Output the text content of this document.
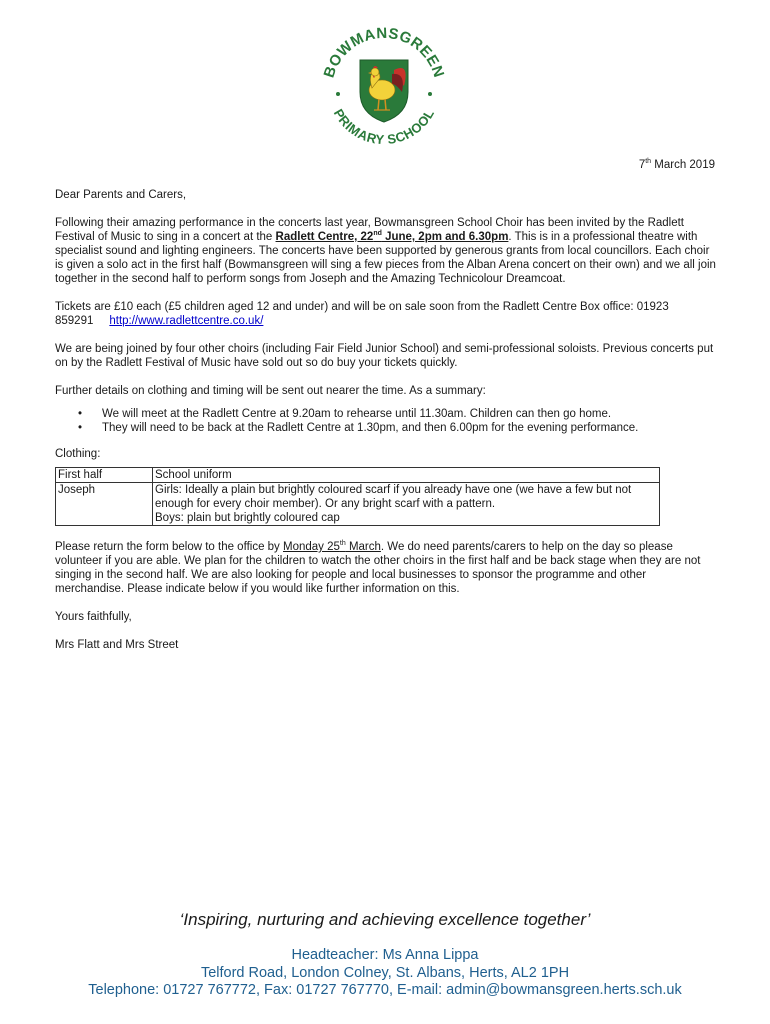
BOWMANSGREEN
PRIMARY SCHOOL
7th March 2019

Dear Parents and Carers,

Following their amazing performance in the concerts last year, Bowmansgreen School Choir has been invited by the Radlett Festival of Music to sing in a concert at the Radlett Centre, 22nd June, 2pm and 6.30pm. This is in a professional theatre with specialist sound and lighting engineers. The concerts have been supported by generous grants from local councillors. Each choir is given a solo act in the first half (Bowmansgreen will sing a few pieces from the Alban Arena concert on their own) and we all join together in the second half to perform songs from Joseph and the Amazing Technicolour Dreamcoat.

Tickets are £10 each (£5 children aged 12 and under) and will be on sale soon from the Radlett Centre Box office: 01923 859291 http://www.radlettcentre.co.uk/

We are being joined by four other choirs (including Fair Field Junior School) and semi-professional soloists. Previous concerts put on by the Radlett Festival of Music have sold out so do buy your tickets quickly.

Further details on clothing and timing will be sent out nearer the time. As a summary:

• We will meet at the Radlett Centre at 9.20am to rehearse until 11.30am. Children can then go home.
• They will need to be back at the Radlett Centre at 1.30pm, and then 6.00pm for the evening performance.

Clothing:

First half	School uniform
Joseph	Girls: Ideally a plain but brightly coloured scarf if you already have one (we have a few but not enough for every choir member). Or any bright scarf with a pattern.
Boys: plain but brightly coloured cap

Please return the form below to the office by Monday 25th March. We do need parents/carers to help on the day so please volunteer if you are able. We plan for the children to watch the other choirs in the first half and be back stage when they are not singing in the second half. We are also looking for people and local businesses to sponsor the programme and other merchandise. Please indicate below if you would like further information on this.

Yours faithfully,

Mrs Flatt and Mrs Street

‘Inspiring, nurturing and achieving excellence together’
Headteacher: Ms Anna Lippa
Telford Road, London Colney, St. Albans, Herts, AL2 1PH
Telephone: 01727 767772, Fax: 01727 767770, E-mail: admin@bowmansgreen.herts.sch.uk
